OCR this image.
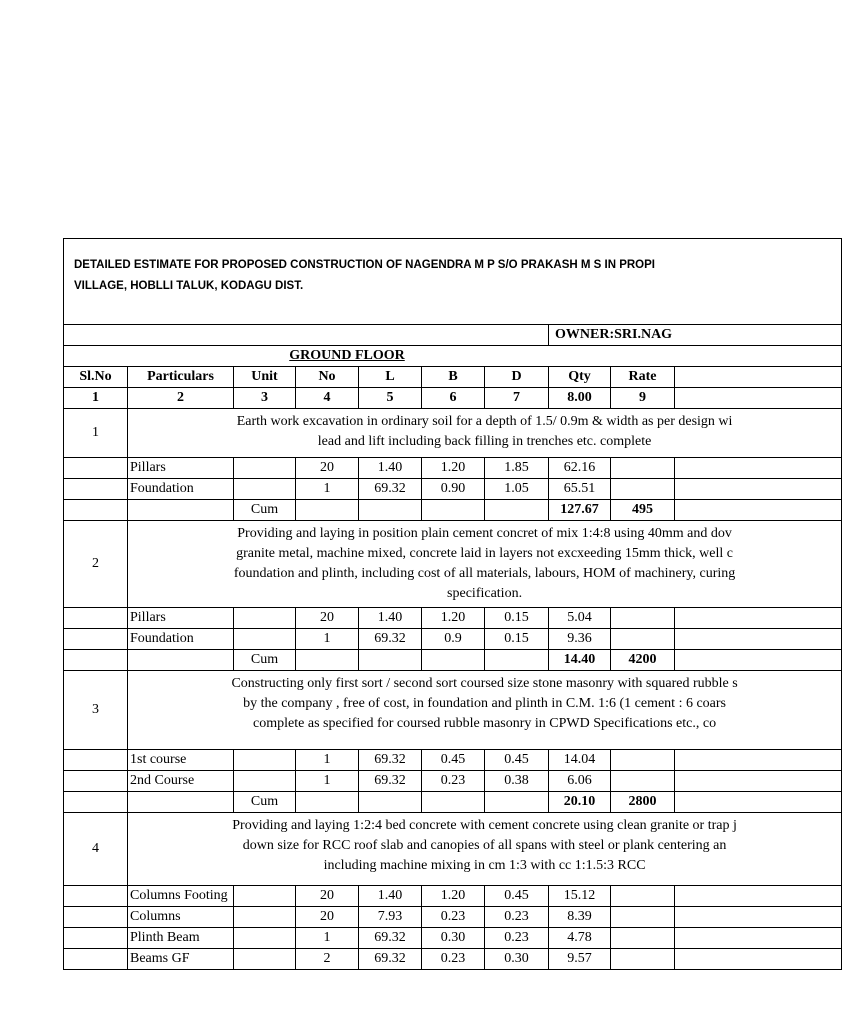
DETAILED ESTIMATE FOR PROPOSED CONSTRUCTION OF NAGENDRA M P S/O PRAKASH M S IN PROPI
VILLAGE, HOBLLI TALUK, KODAGU DIST.									

							OWNER:SRI.NAG		

GROUND FLOOR									

Sl.No	Particulars	Unit	No	L	B	D	Qty	Rate	
1	2	3	4	5	6	7	8.00	9	
1	Earth work excavation in ordinary soil for a depth of 1.5/ 0.9m & width as per design wi
lead and lift including back filling in trenches etc. complete								

	Pillars		20	1.40	1.20	1.85	62.16		
	Foundation		1	69.32	0.90	1.05	65.51		
		Cum					127.67	495	
2	Providing and laying in position plain cement concret of mix 1:4:8 using 40mm and dov
granite metal, machine mixed, concrete laid in layers not excxeeding 15mm thick, well c
foundation and plinth, including cost of all materials, labours, HOM of machinery, curing
specification.								

	Pillars		20	1.40	1.20	0.15	5.04		
	Foundation		1	69.32	0.9	0.15	9.36		
		Cum					14.40	4200	
3	Constructing only first sort / second sort coursed size stone masonry with squared rubble s
by the company , free of cost, in foundation and plinth in C.M. 1:6 (1 cement : 6 coars
complete as specified for coursed rubble masonry in CPWD Specifications etc., co								

	1st course		1	69.32	0.45	0.45	14.04		
	2nd Course		1	69.32	0.23	0.38	6.06		
		Cum					20.10	2800	
4	Providing and laying 1:2:4 bed concrete with cement concrete using clean granite or trap j
down size for RCC roof slab and canopies of all spans with steel or plank centering an
including machine mixing in cm 1:3 with cc 1:1.5:3 RCC								

	Columns Footing		20	1.40	1.20	0.45	15.12		
	Columns		20	7.93	0.23	0.23	8.39		
	Plinth Beam		1	69.32	0.30	0.23	4.78		
	Beams GF		2	69.32	0.23	0.30	9.57		
